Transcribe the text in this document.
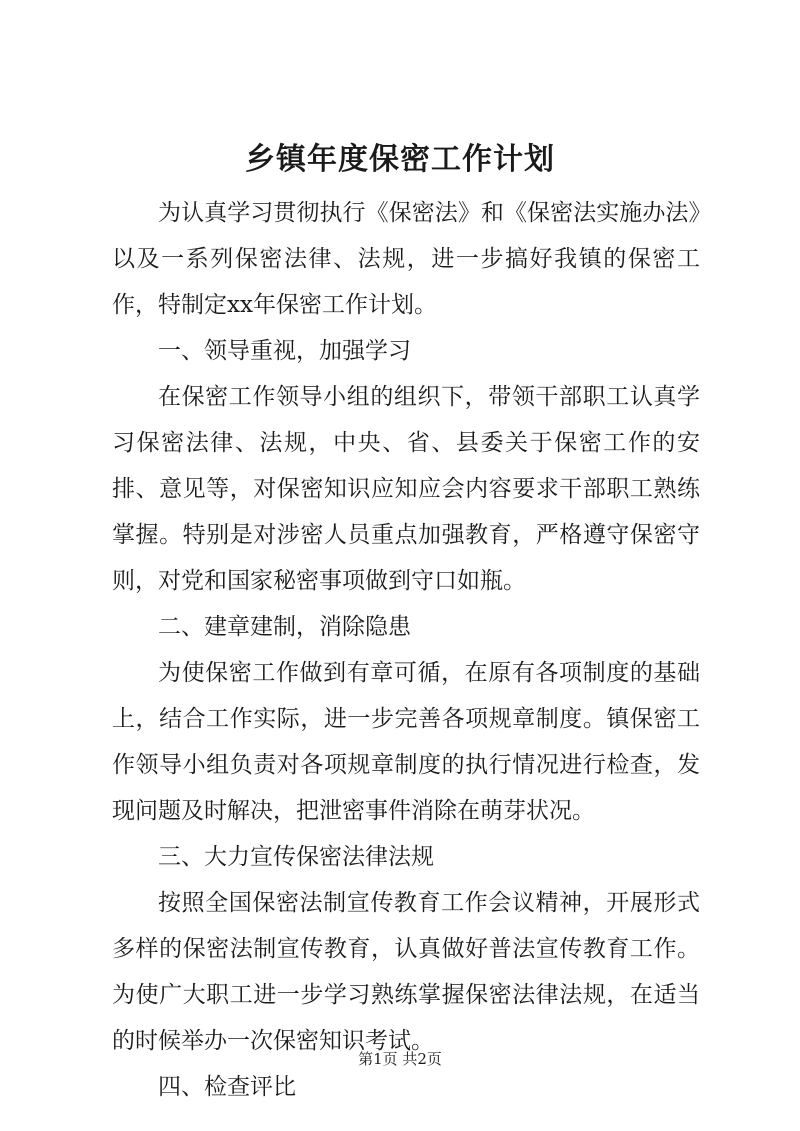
乡镇年度保密工作计划

为认真学习贯彻执行《保密法》和《保密法实施办法》以及一系列保密法律、法规，进一步搞好我镇的保密工作，特制定xx年保密工作计划。

一、领导重视，加强学习

在保密工作领导小组的组织下，带领干部职工认真学习保密法律、法规，中央、省、县委关于保密工作的安排、意见等，对保密知识应知应会内容要求干部职工熟练掌握。特别是对涉密人员重点加强教育，严格遵守保密守则，对党和国家秘密事项做到守口如瓶。

二、建章建制，消除隐患

为使保密工作做到有章可循，在原有各项制度的基础上，结合工作实际，进一步完善各项规章制度。镇保密工作领导小组负责对各项规章制度的执行情况进行检查，发现问题及时解决，把泄密事件消除在萌芽状况。

三、大力宣传保密法律法规

按照全国保密法制宣传教育工作会议精神，开展形式多样的保密法制宣传教育，认真做好普法宣传教育工作。为使广大职工进一步学习熟练掌握保密法律法规，在适当的时候举办一次保密知识考试。

四、检查评比

第1页 共2页
